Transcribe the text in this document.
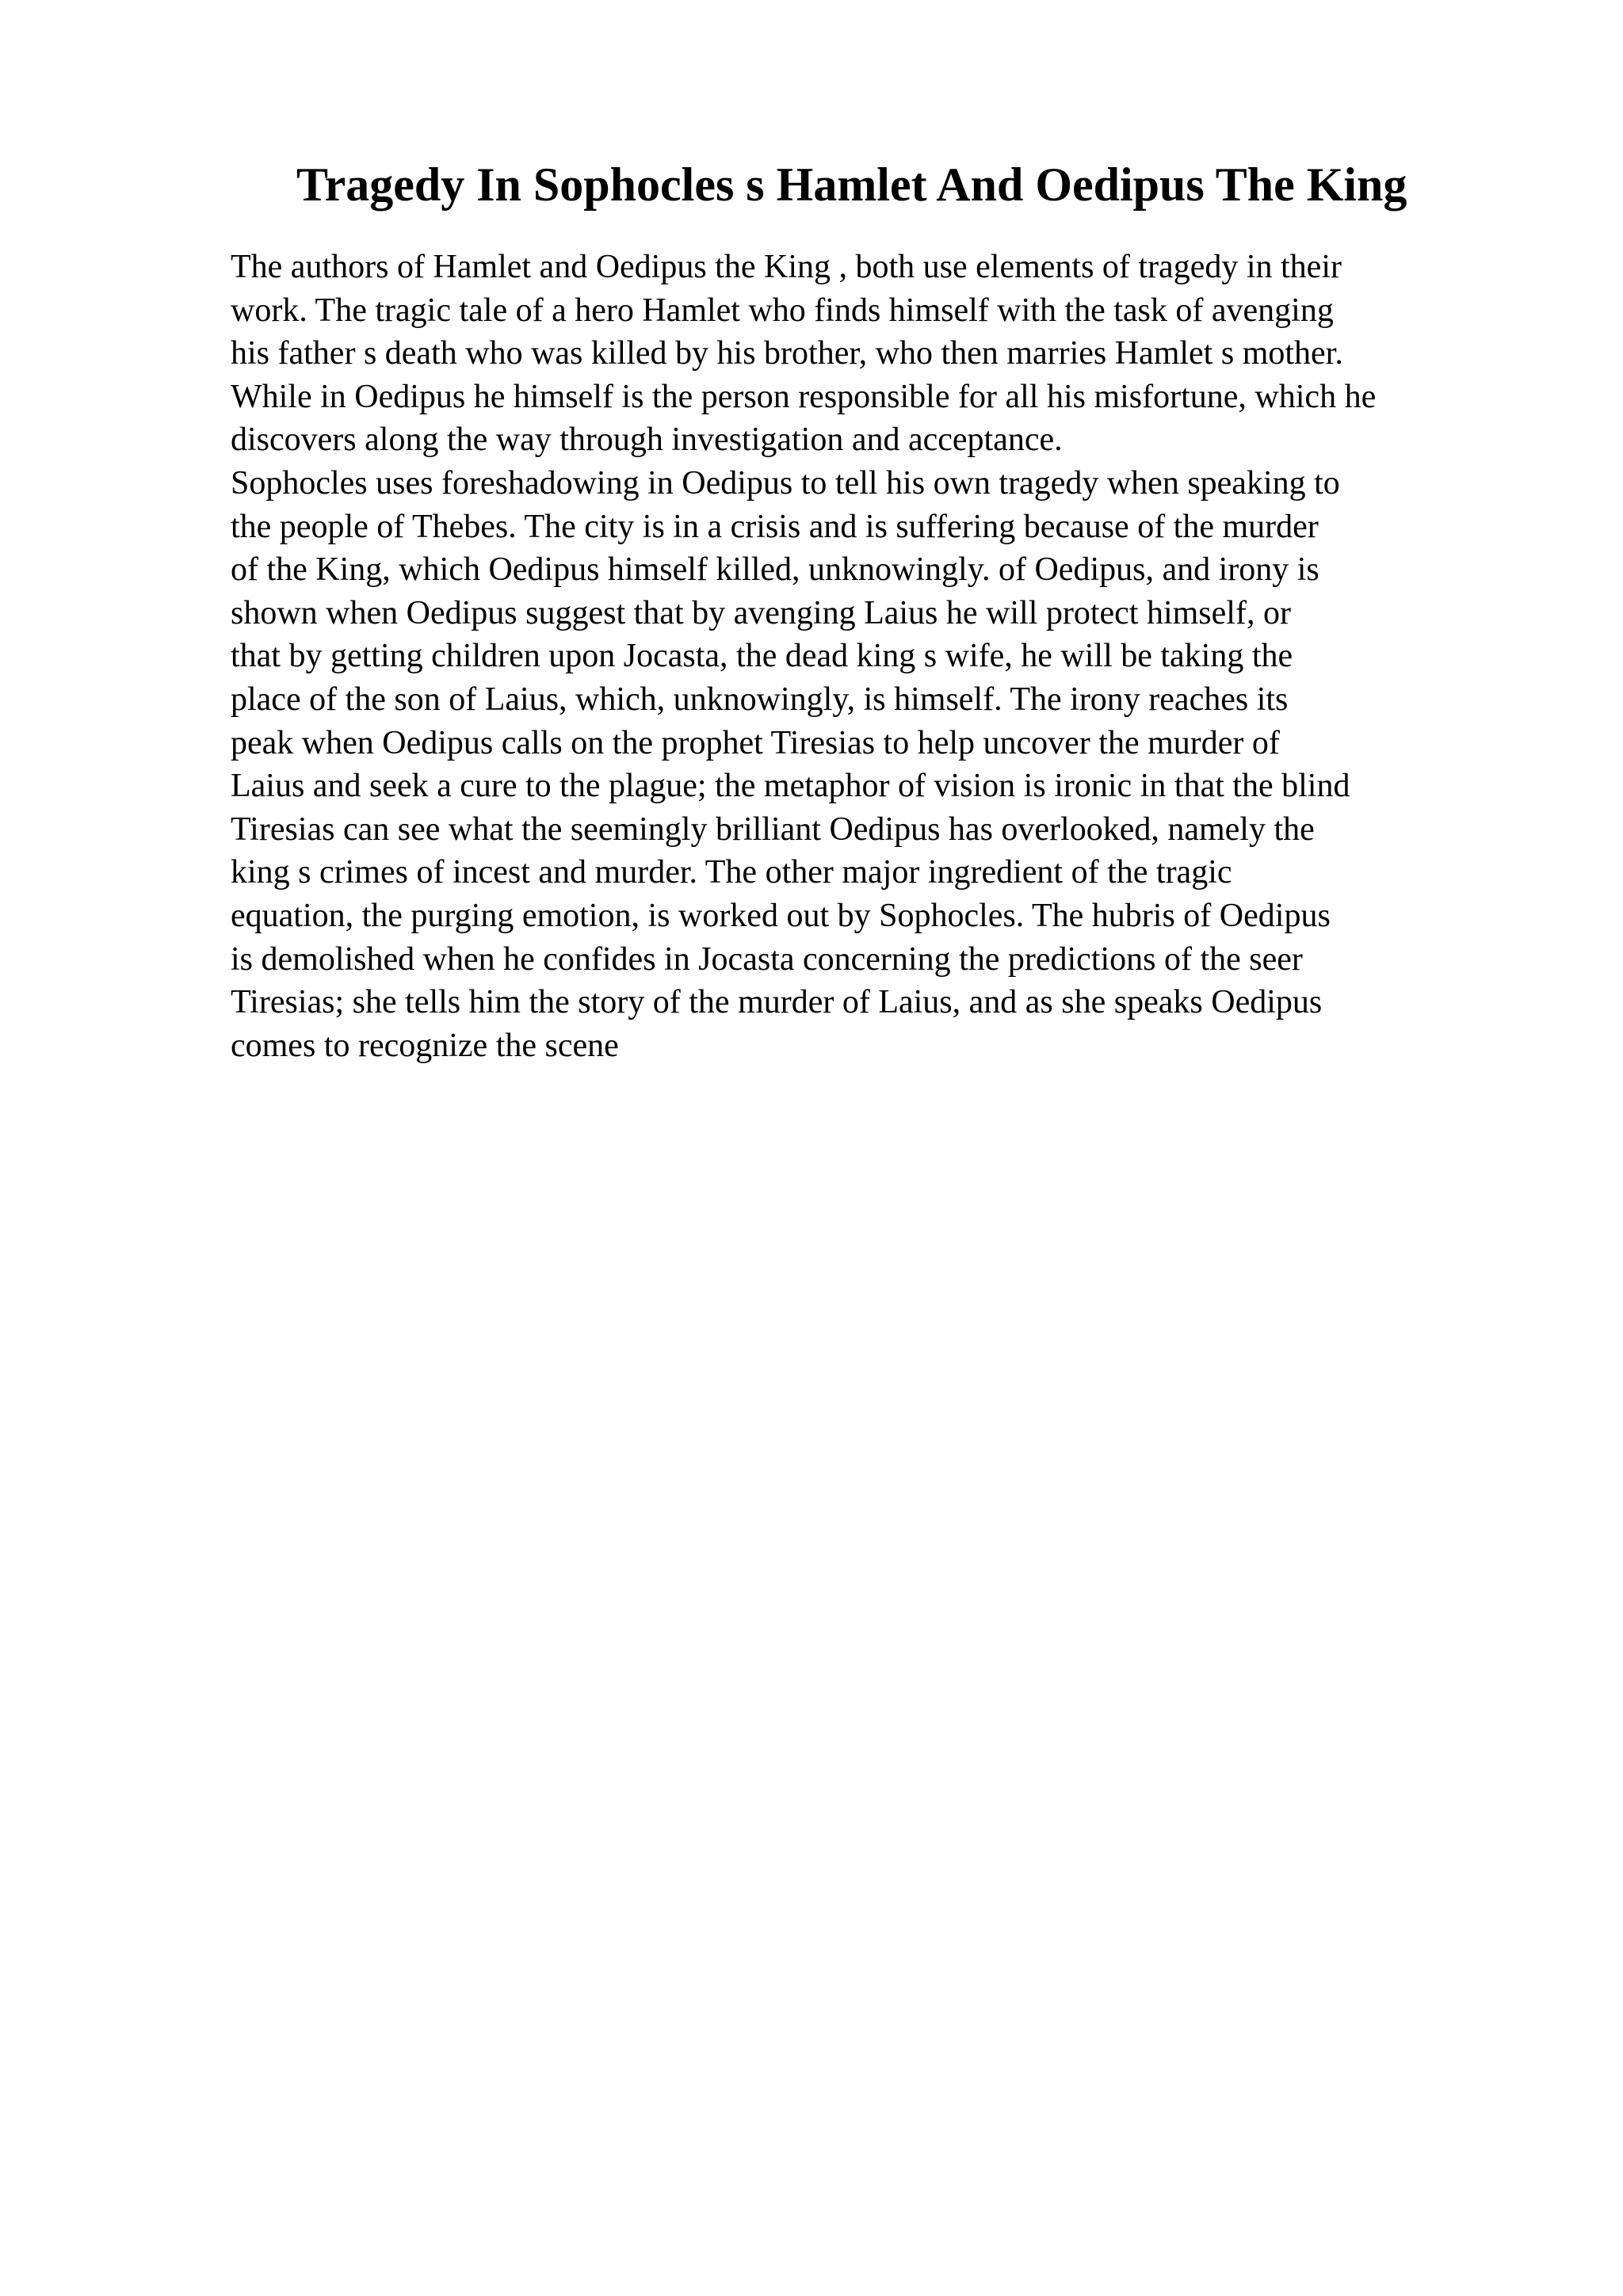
Tragedy In Sophocles s Hamlet And Oedipus The King
The authors of Hamlet and Oedipus the King , both use elements of tragedy in their
work. The tragic tale of a hero Hamlet who finds himself with the task of avenging
his father s death who was killed by his brother, who then marries Hamlet s mother.
While in Oedipus he himself is the person responsible for all his misfortune, which he
discovers along the way through investigation and acceptance.
Sophocles uses foreshadowing in Oedipus to tell his own tragedy when speaking to
the people of Thebes. The city is in a crisis and is suffering because of the murder
of the King, which Oedipus himself killed, unknowingly. of Oedipus, and irony is
shown when Oedipus suggest that by avenging Laius he will protect himself, or
that by getting children upon Jocasta, the dead king s wife, he will be taking the
place of the son of Laius, which, unknowingly, is himself. The irony reaches its
peak when Oedipus calls on the prophet Tiresias to help uncover the murder of
Laius and seek a cure to the plague; the metaphor of vision is ironic in that the blind
Tiresias can see what the seemingly brilliant Oedipus has overlooked, namely the
king s crimes of incest and murder. The other major ingredient of the tragic
equation, the purging emotion, is worked out by Sophocles. The hubris of Oedipus
is demolished when he confides in Jocasta concerning the predictions of the seer
Tiresias; she tells him the story of the murder of Laius, and as she speaks Oedipus
comes to recognize the scene
